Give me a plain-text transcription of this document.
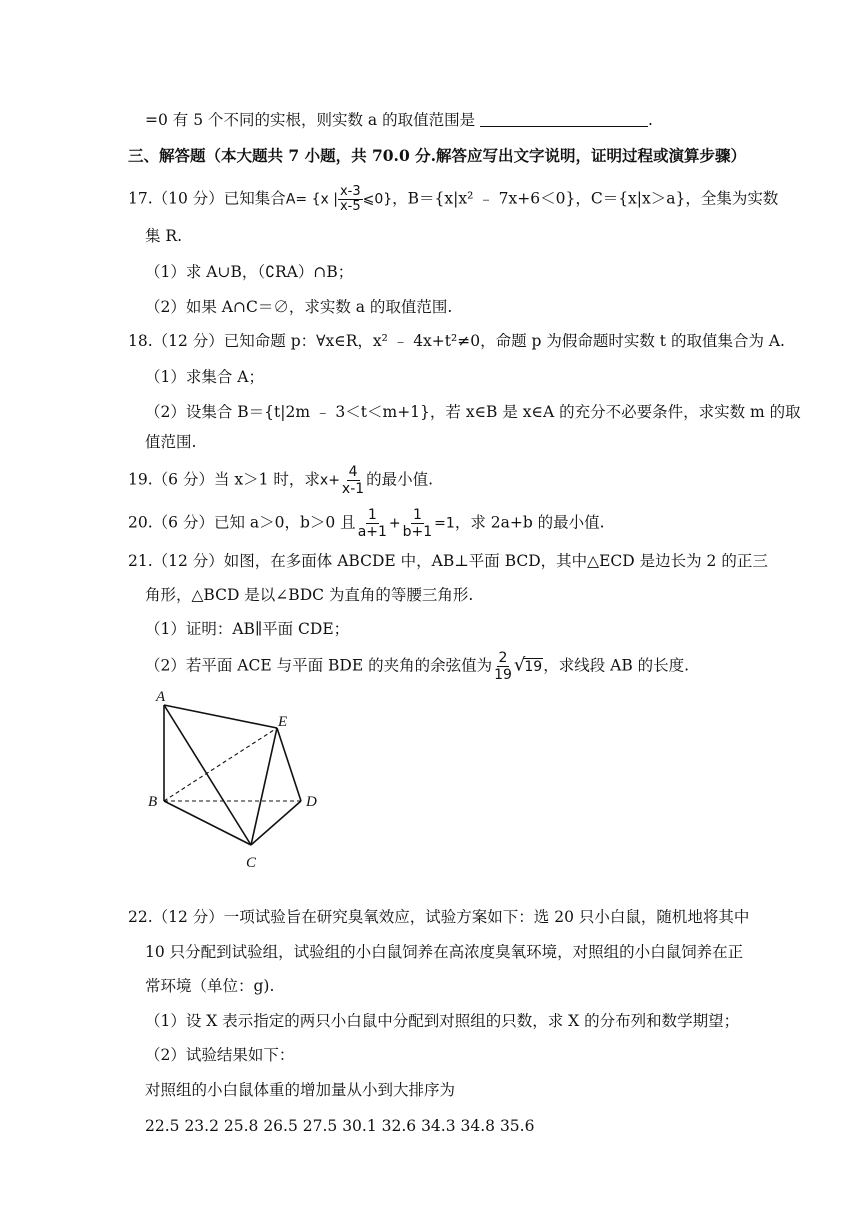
=0 有 5 个不同的实根，则实数 a 的取值范围是	.
三、解答题（本大题共 7 小题，共 70.0 分.解答应写出文字说明，证明过程或演算步骤）
17.（10 分）已知集合A= {x | $\frac{x-3}{x-5}$ ⩽0}，B＝{x|x² ﹣ 7x+6＜0}，C＝{x|x＞a}，全集为实数
集 R.
（1）求 A∪B，（∁RA）∩B；
（2）如果 A∩C＝∅，求实数 a 的取值范围.
18.（12 分）已知命题 p：∀x∈R，x² ﹣ 4x+t²≠0，命题 p 为假命题时实数 t 的取值集合为 A.
（1）求集合 A；
（2）设集合 B＝{t|2m ﹣ 3＜t＜m+1}，若 x∈B 是 x∈A 的充分不必要条件，求实数 m 的取
值范围.
19.（6 分）当 x＞1 时，求$x+ \frac{4}{x-1}$ 的最小值.
20.（6 分）已知 a＞0，b＞0 且 $\frac{1}{a+1} + \frac{1}{b+1} =1$，求 2a+b 的最小值.
21.（12 分）如图，在多面体 ABCDE 中，AB⊥平面 BCD，其中△ECD 是边长为 2 的正三
角形，△BCD 是以∠BDC 为直角的等腰三角形.
（1）证明：AB∥平面 CDE；
（2）若平面 ACE 与平面 BDE 的夹角的余弦值为 $\frac{2}{19} √19$，求线段 AB 的长度.
A
B
C
D
E
22.（12 分）一项试验旨在研究臭氧效应，试验方案如下：选 20 只小白鼠，随机地将其中
10 只分配到试验组，试验组的小白鼠饲养在高浓度臭氧环境，对照组的小白鼠饲养在正
常环境（单位：g).
（1）设 X 表示指定的两只小白鼠中分配到对照组的只数，求 X 的分布列和数学期望；
（2）试验结果如下：
对照组的小白鼠体重的增加量从小到大排序为
22.5 23.2 25.8 26.5 27.5 30.1 32.6 34.3 34.8 35.6
